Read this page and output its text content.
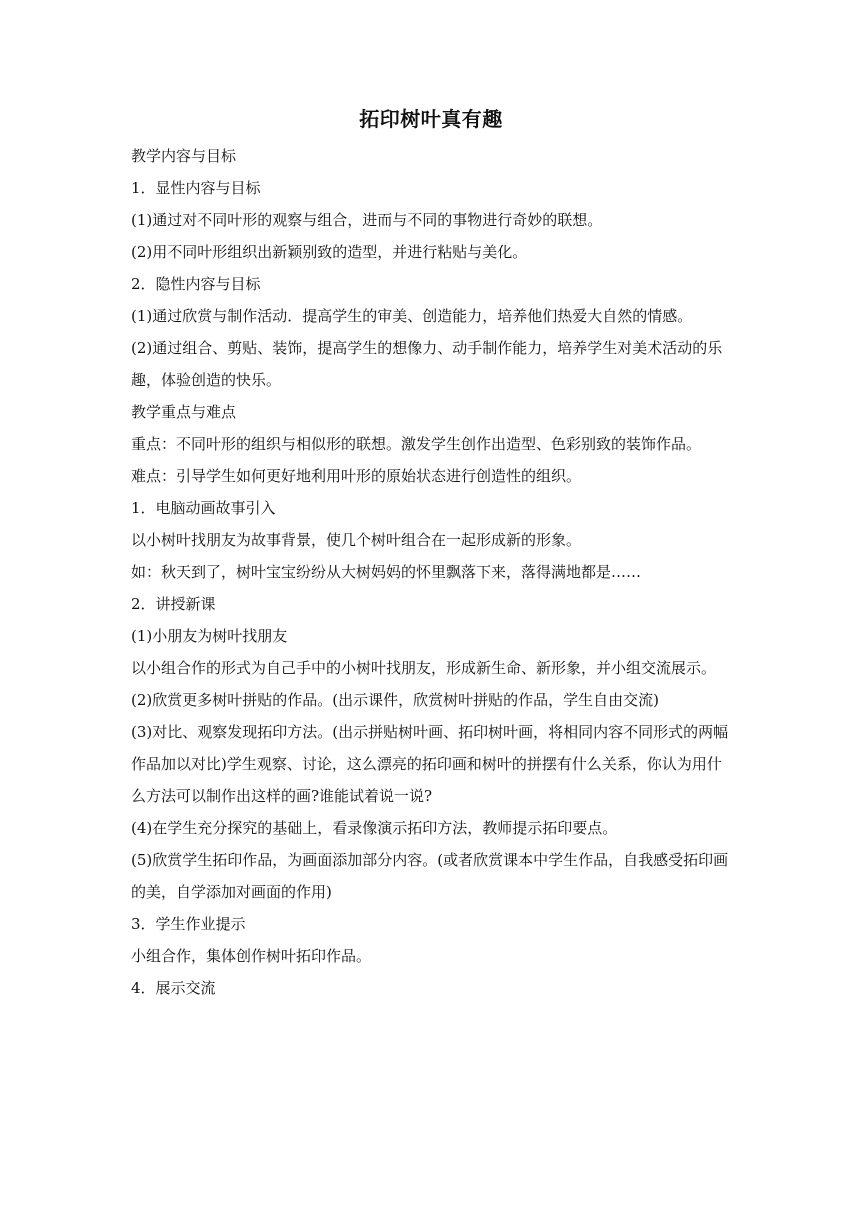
拓印树叶真有趣

教学内容与目标

1．显性内容与目标

(1)通过对不同叶形的观察与组合，进而与不同的事物进行奇妙的联想。

(2)用不同叶形组织出新颖别致的造型，并进行粘贴与美化。

2．隐性内容与目标

(1)通过欣赏与制作活动．提高学生的审美、创造能力，培养他们热爱大自然的情感。

(2)通过组合、剪贴、装饰，提高学生的想像力、动手制作能力，培养学生对美术活动的乐趣，体验创造的快乐。

教学重点与难点

重点：不同叶形的组织与相似形的联想。激发学生创作出造型、色彩别致的装饰作品。

难点：引导学生如何更好地利用叶形的原始状态进行创造性的组织。

1．电脑动画故事引入

以小树叶找朋友为故事背景，使几个树叶组合在一起形成新的形象。

如：秋天到了，树叶宝宝纷纷从大树妈妈的怀里飘落下来，落得满地都是……

2．讲授新课

(1)小朋友为树叶找朋友

以小组合作的形式为自己手中的小树叶找朋友，形成新生命、新形象，并小组交流展示。

(2)欣赏更多树叶拼贴的作品。(出示课件，欣赏树叶拼贴的作品，学生自由交流)

(3)对比、观察发现拓印方法。(出示拼贴树叶画、拓印树叶画，将相同内容不同形式的两幅作品加以对比)学生观察、讨论，这么漂亮的拓印画和树叶的拼摆有什么关系，你认为用什么方法可以制作出这样的画?谁能试着说一说?

(4)在学生充分探究的基础上，看录像演示拓印方法，教师提示拓印要点。

(5)欣赏学生拓印作品，为画面添加部分内容。(或者欣赏课本中学生作品，自我感受拓印画的美，自学添加对画面的作用)

3．学生作业提示

小组合作，集体创作树叶拓印作品。

4．展示交流
